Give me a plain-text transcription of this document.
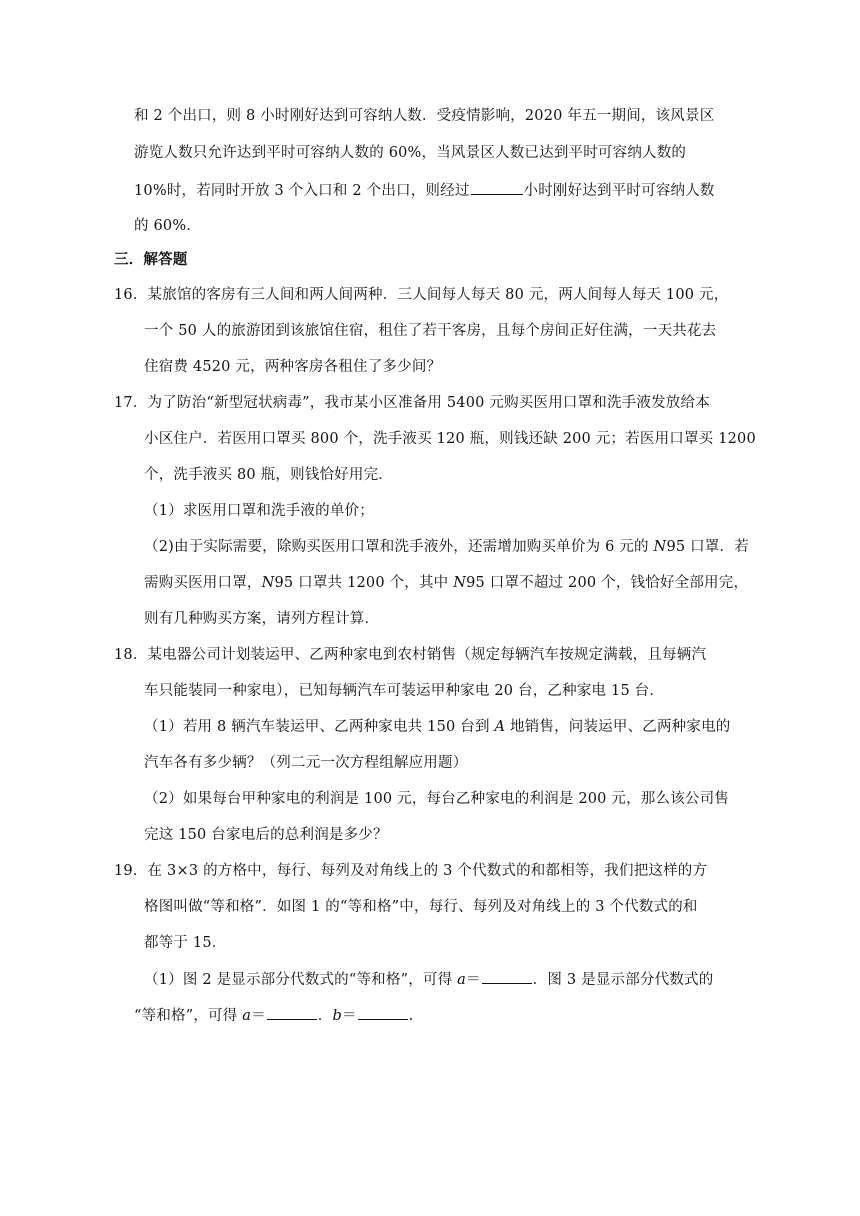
和 2 个出口，则 8 小时刚好达到可容纳人数．受疫情影响，2020 年五一期间，该风景区
游览人数只允许达到平时可容纳人数的 60%，当风景区人数已达到平时可容纳人数的
10%时，若同时开放 3 个入口和 2 个出口，则经过	小时刚好达到平时可容纳人数
的 60%．
三．解答题
16．某旅馆的客房有三人间和两人间两种．三人间每人每天 80 元，两人间每人每天 100 元，
一个 50 人的旅游团到该旅馆住宿，租住了若干客房，且每个房间正好住满，一天共花去
住宿费 4520 元，两种客房各租住了多少间？
17．为了防治“新型冠状病毒”，我市某小区准备用 5400 元购买医用口罩和洗手液发放给本
小区住户．若医用口罩买 800 个，洗手液买 120 瓶，则钱还缺 200 元；若医用口罩买 1200
个，洗手液买 80 瓶，则钱恰好用完．
（1）求医用口罩和洗手液的单价；
（2)由于实际需要，除购买医用口罩和洗手液外，还需增加购买单价为 6 元的 N95 口罩．若
需购买医用口罩，N95 口罩共 1200 个，其中 N95 口罩不超过 200 个，钱恰好全部用完，
则有几种购买方案，请列方程计算．
18．某电器公司计划装运甲、乙两种家电到农村销售（规定每辆汽车按规定满载，且每辆汽
车只能装同一种家电），已知每辆汽车可装运甲种家电 20 台，乙种家电 15 台．
（1）若用 8 辆汽车装运甲、乙两种家电共 150 台到 A 地销售，问装运甲、乙两种家电的
汽车各有多少辆？（列二元一次方程组解应用题）
（2）如果每台甲种家电的利润是 100 元，每台乙种家电的利润是 200 元，那么该公司售
完这 150 台家电后的总利润是多少？
19．在 3×3 的方格中，每行、每列及对角线上的 3 个代数式的和都相等，我们把这样的方
格图叫做“等和格”．如图 1 的“等和格”中，每行、每列及对角线上的 3 个代数式的和
都等于 15．
（1）图 2 是显示部分代数式的“等和格”，可得 a＝	．图 3 是显示部分代数式的
“等和格”，可得 a＝	．b＝	．
